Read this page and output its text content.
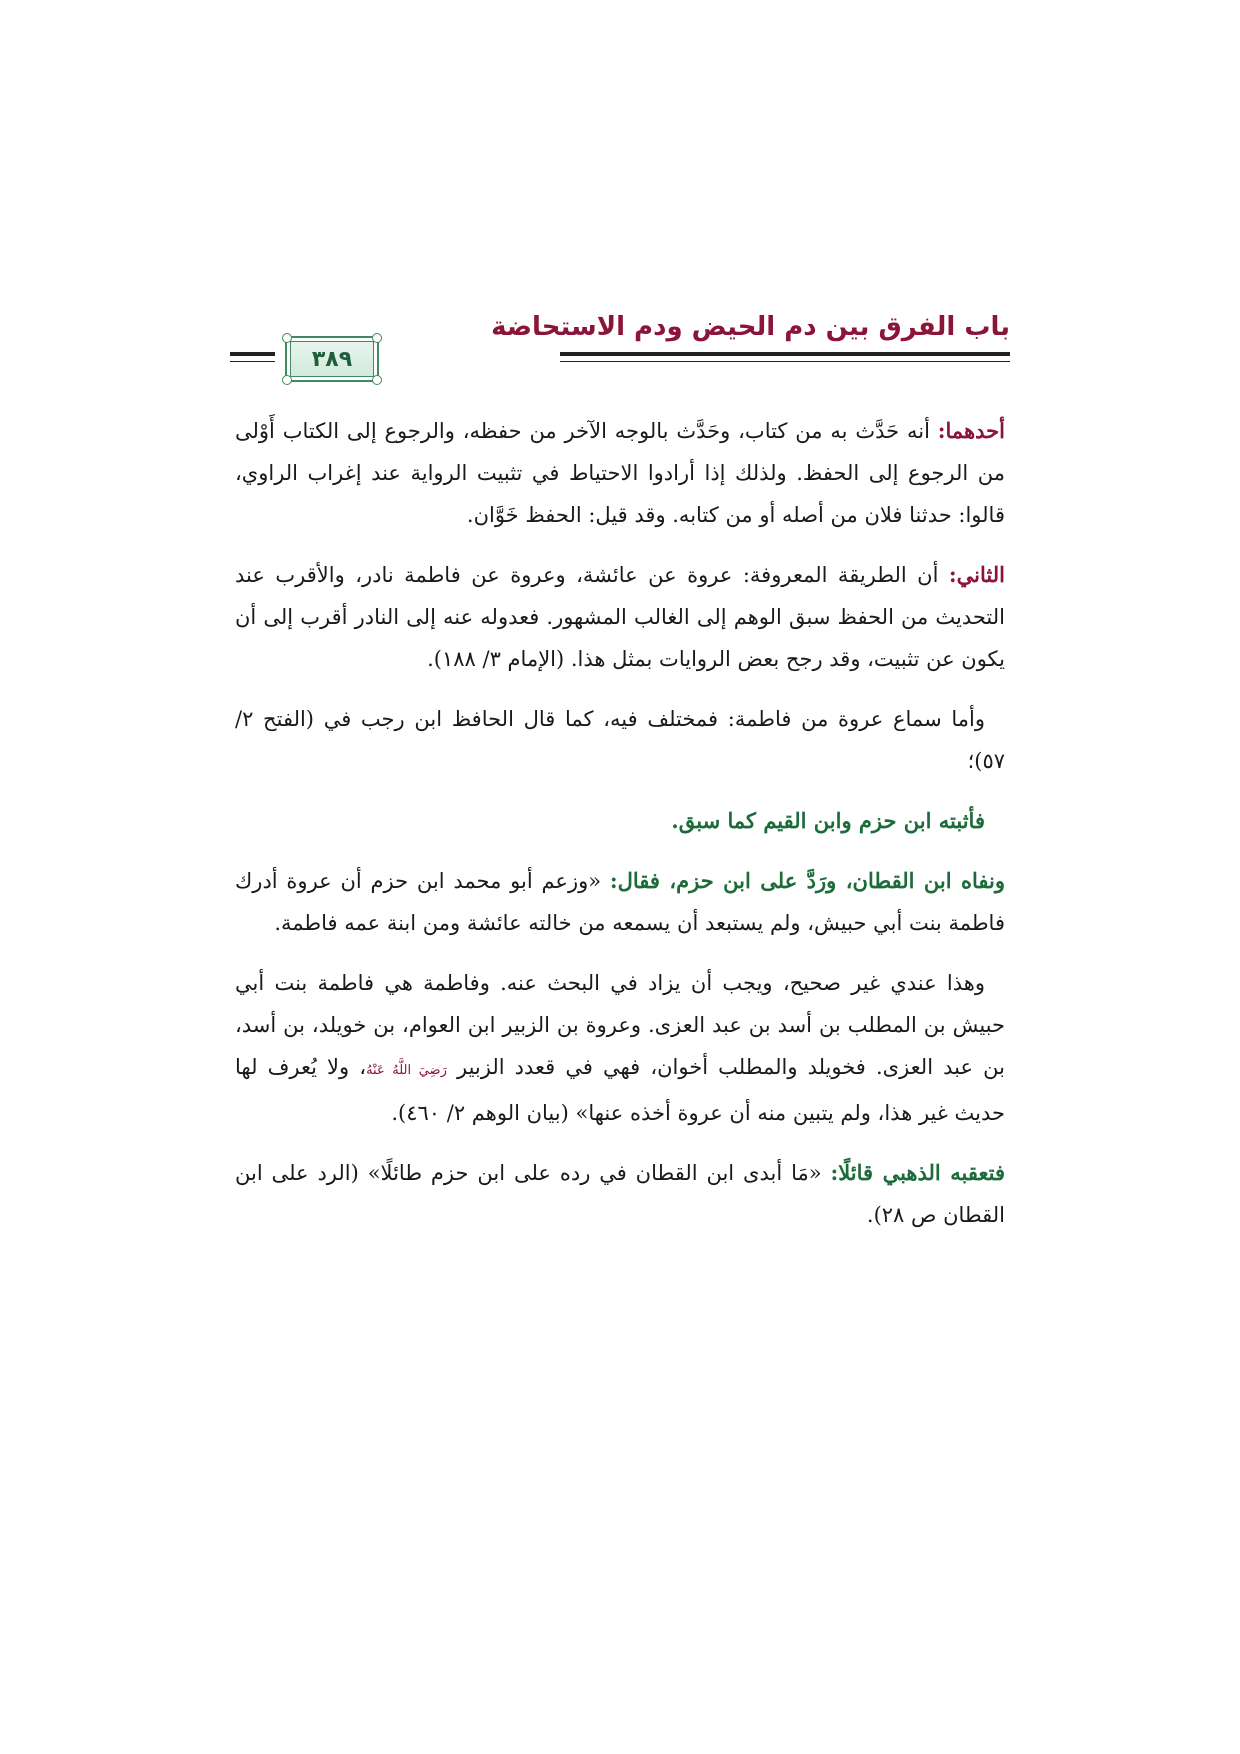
باب الفرق بين دم الحيض ودم الاستحاضة
٣٨٩

أحدهما: أنه حَدَّث به من كتاب، وحَدَّث بالوجه الآخر من حفظه، والرجوع إلى الكتاب أَوْلى من الرجوع إلى الحفظ. ولذلك إذا أرادوا الاحتياط في تثبيت الرواية عند إغراب الراوي، قالوا: حدثنا فلان من أصله أو من كتابه. وقد قيل: الحفظ خَوَّان.

الثاني: أن الطريقة المعروفة: عروة عن عائشة، وعروة عن فاطمة نادر، والأقرب عند التحديث من الحفظ سبق الوهم إلى الغالب المشهور. فعدوله عنه إلى النادر أقرب إلى أن يكون عن تثبيت، وقد رجح بعض الروايات بمثل هذا. (الإمام ٣/ ١٨٨).

وأما سماع عروة من فاطمة: فمختلف فيه، كما قال الحافظ ابن رجب في (الفتح ٢/ ٥٧)؛

فأثبته ابن حزم وابن القيم كما سبق.

ونفاه ابن القطان، ورَدَّ على ابن حزم، فقال: «وزعم أبو محمد ابن حزم أن عروة أدرك فاطمة بنت أبي حبيش، ولم يستبعد أن يسمعه من خالته عائشة ومن ابنة عمه فاطمة.

وهذا عندي غير صحيح، ويجب أن يزاد في البحث عنه. وفاطمة هي فاطمة بنت أبي حبيش بن المطلب بن أسد بن عبد العزى. وعروة بن الزبير ابن العوام، بن خويلد، بن أسد، بن عبد العزى. فخويلد والمطلب أخوان، فهي في قعدد الزبير رَضِيَ اللَّهُ عَنْهُ، ولا يُعرف لها حديث غير هذا، ولم يتبين منه أن عروة أخذه عنها» (بيان الوهم ٢/ ٤٦٠).

فتعقبه الذهبي قائلًا: «مَا أبدى ابن القطان في رده على ابن حزم طائلًا» (الرد على ابن القطان ص ٢٨).
